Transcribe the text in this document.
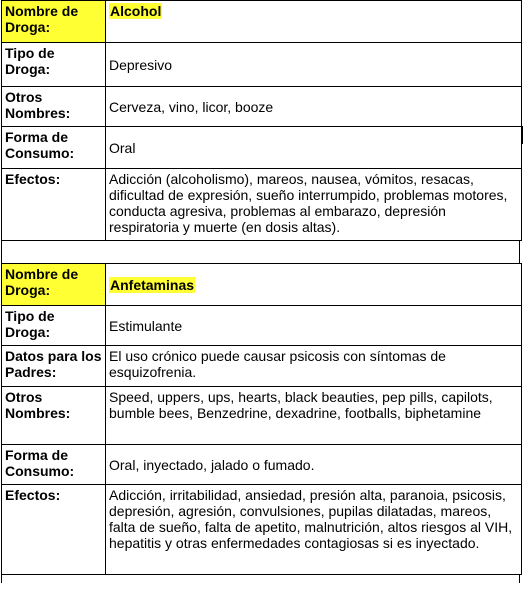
Nombre de Droga:	Alcohol
Tipo de Droga:	Depresivo
Otros Nombres:	Cerveza, vino, licor, booze
Forma de Consumo:	Oral
Efectos:	Adicción (alcoholismo), mareos, nausea, vómitos, resacas, dificultad de expresión, sueño interrumpido, problemas motores, conducta agresiva, problemas al embarazo, depresión respiratoria y muerte (en dosis altas).
Nombre de Droga:	Anfetaminas
Tipo de Droga:	Estimulante
Datos para los Padres:	El uso crónico puede causar psicosis con síntomas de esquizofrenia.
Otros Nombres:	Speed, uppers, ups, hearts, black beauties, pep pills, capilots, bumble bees, Benzedrine, dexadrine, footballs, biphetamine
Forma de Consumo:	Oral, inyectado, jalado o fumado.
Efectos:	Adicción, irritabilidad, ansiedad, presión alta, paranoia, psicosis, depresión, agresión, convulsiones, pupilas dilatadas, mareos, falta de sueño, falta de apetito, malnutrición, altos riesgos al VIH, hepatitis y otras enfermedades contagiosas si es inyectado.
